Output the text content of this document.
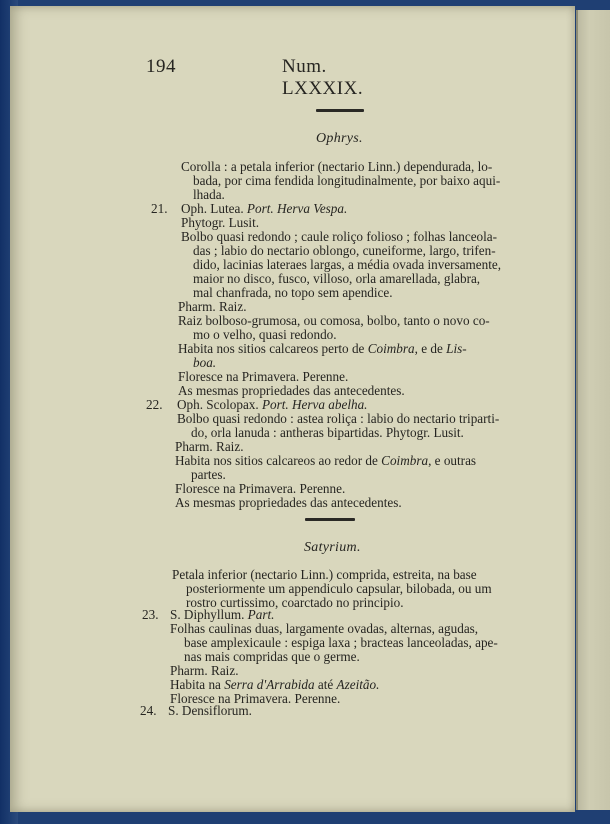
194	Num. LXXXIX.
Ophrys.
Corolla : a petala inferior (nectario Linn.) dependurada, lo-
bada, por cima fendida longitudinalmente, por baixo aqui-
lhada.
21. Oph. Lutea. Port. Herva Vespa.
Phytogr. Lusit.
Bolbo quasi redondo ; caule roliço folioso ; folhas lanceola-
das ; labio do nectario oblongo, cuneiforme, largo, trifen-
dido, lacinias lateraes largas, a média ovada inversamente,
maior no disco, fusco, villoso, orla amarellada, glabra,
mal chanfrada, no topo sem apendice.
Pharm. Raiz.
Raiz bolboso-grumosa, ou comosa, bolbo, tanto o novo co-
mo o velho, quasi redondo.
Habita nos sitios calcareos perto de Coimbra, e de Lis-
boa.
Floresce na Primavera. Perenne.
As mesmas propriedades das antecedentes.
22. Oph. Scolopax. Port. Herva abelha.
Bolbo quasi redondo : astea roliça : labio do nectario triparti-
do, orla lanuda : antheras bipartidas. Phytogr. Lusit.
Pharm. Raiz.
Habita nos sitios calcareos ao redor de Coimbra, e outras
partes.
Floresce na Primavera. Perenne.
As mesmas propriedades das antecedentes.
Satyrium.
Petala inferior (nectario Linn.) comprida, estreita, na base
posteriormente um appendiculo capsular, bilobada, ou um
rostro curtissimo, coarctado no principio.
23. S. Diphyllum. Part.
Folhas caulinas duas, largamente ovadas, alternas, agudas,
base amplexicaule : espiga laxa ; bracteas lanceoladas, ape-
nas mais compridas que o germe.
Pharm. Raiz.
Habita na Serra d'Arrabida até Azeitão.
Floresce na Primavera. Perenne.
24. S. Densiflorum.
